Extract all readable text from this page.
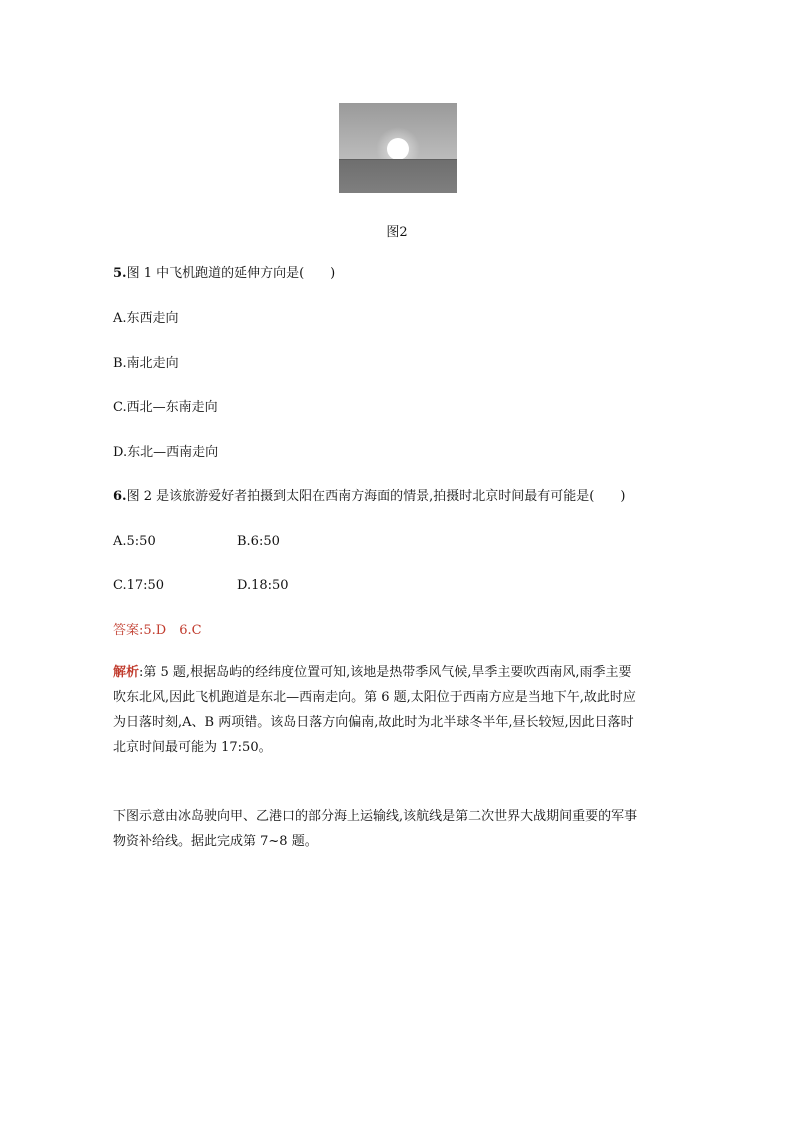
图2
5.图 1 中飞机跑道的延伸方向是(　　)
A.东西走向
B.南北走向
C.西北—东南走向
D.东北—西南走向
6.图 2 是该旅游爱好者拍摄到太阳在西南方海面的情景,拍摄时北京时间最有可能是(　　)
A.5:50	B.6:50
C.17:50	D.18:50
答案:5.D　6.C
解析:第 5 题,根据岛屿的经纬度位置可知,该地是热带季风气候,旱季主要吹西南风,雨季主要
吹东北风,因此飞机跑道是东北—西南走向。第 6 题,太阳位于西南方应是当地下午,故此时应
为日落时刻,A、B 两项错。该岛日落方向偏南,故此时为北半球冬半年,昼长较短,因此日落时
北京时间最可能为 17:50。
下图示意由冰岛驶向甲、乙港口的部分海上运输线,该航线是第二次世界大战期间重要的军事
物资补给线。据此完成第 7~8 题。
